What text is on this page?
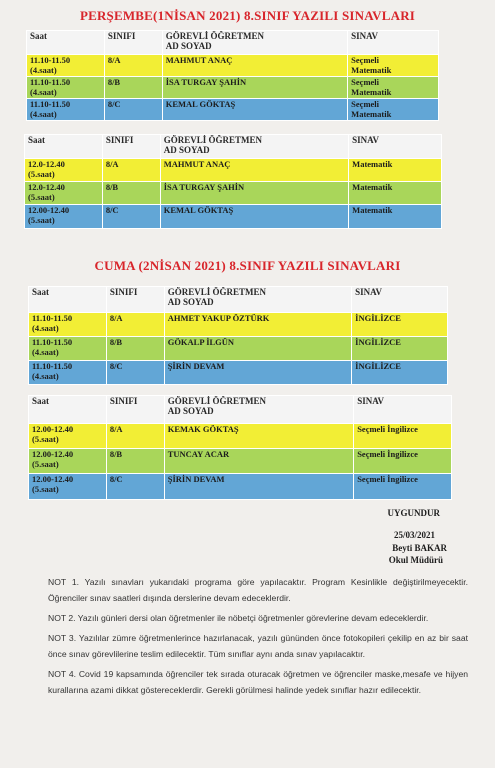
PERŞEMBE(1NİSAN 2021) 8.SINIF YAZILI SINAVLARI
Saat	SINIFI	GÖREVLİ ÖĞRETMEN
AD SOYAD	SINAV
11.10-11.50
(4.saat)	8/A	MAHMUT ANAÇ	Seçmeli
Matematik
11.10-11.50
(4.saat)	8/B	İSA TURGAY ŞAHİN	Seçmeli
Matematik
11.10-11.50
(4.saat)	8/C	KEMAL GÖKTAŞ	Seçmeli
Matematik
Saat	SINIFI	GÖREVLİ ÖĞRETMEN
AD SOYAD	SINAV
12.0-12.40
(5.saat)	8/A	MAHMUT ANAÇ	Matematik
12.0-12.40
(5.saat)	8/B	İSA TURGAY ŞAHİN	Matematik
12.00-12.40
(5.saat)	8/C	KEMAL GÖKTAŞ	Matematik
CUMA (2NİSAN 2021) 8.SINIF YAZILI SINAVLARI
Saat	SINIFI	GÖREVLİ ÖĞRETMEN
AD SOYAD	SINAV
11.10-11.50
(4.saat)	8/A	AHMET YAKUP ÖZTÜRK	İNGİLİZCE
11.10-11.50
(4.saat)	8/B	GÖKALP İLGÜN	İNGİLİZCE
11.10-11.50
(4.saat)	8/C	ŞİRİN DEVAM	İNGİLİZCE
Saat	SINIFI	GÖREVLİ ÖĞRETMEN
AD SOYAD	SINAV
12.00-12.40
(5.saat)	8/A	KEMAK GÖKTAŞ	Seçmeli İngilizce
12.00-12.40
(5.saat)	8/B	TUNCAY ACAR	Seçmeli İngilizce
12.00-12.40
(5.saat)	8/C	ŞİRİN DEVAM	Seçmeli İngilizce
UYGUNDUR
25/03/2021
Beyti BAKAR
Okul Müdürü

NOT 1. Yazılı sınavları yukarıdaki programa göre yapılacaktır. Program Kesinlikle değiştirilmeyecektir. Öğrenciler sınav saatleri dışında derslerine devam edeceklerdir.

NOT 2. Yazılı günleri dersi olan öğretmenler ile nöbetçi öğretmenler görevlerine devam edeceklerdir.

NOT 3. Yazılılar zümre öğretmenlerince hazırlanacak, yazılı gününden önce fotokopileri çekilip en az bir saat önce sınav görevlilerine teslim edilecektir. Tüm sınıflar aynı anda sınav yapılacaktır.

NOT 4. Covid 19 kapsamında öğrenciler tek sırada oturacak öğretmen ve öğrenciler maske,mesafe ve hijyen kurallarına azami dikkat göstereceklerdir. Gerekli görülmesi halinde yedek sınıflar hazır edilecektir.
